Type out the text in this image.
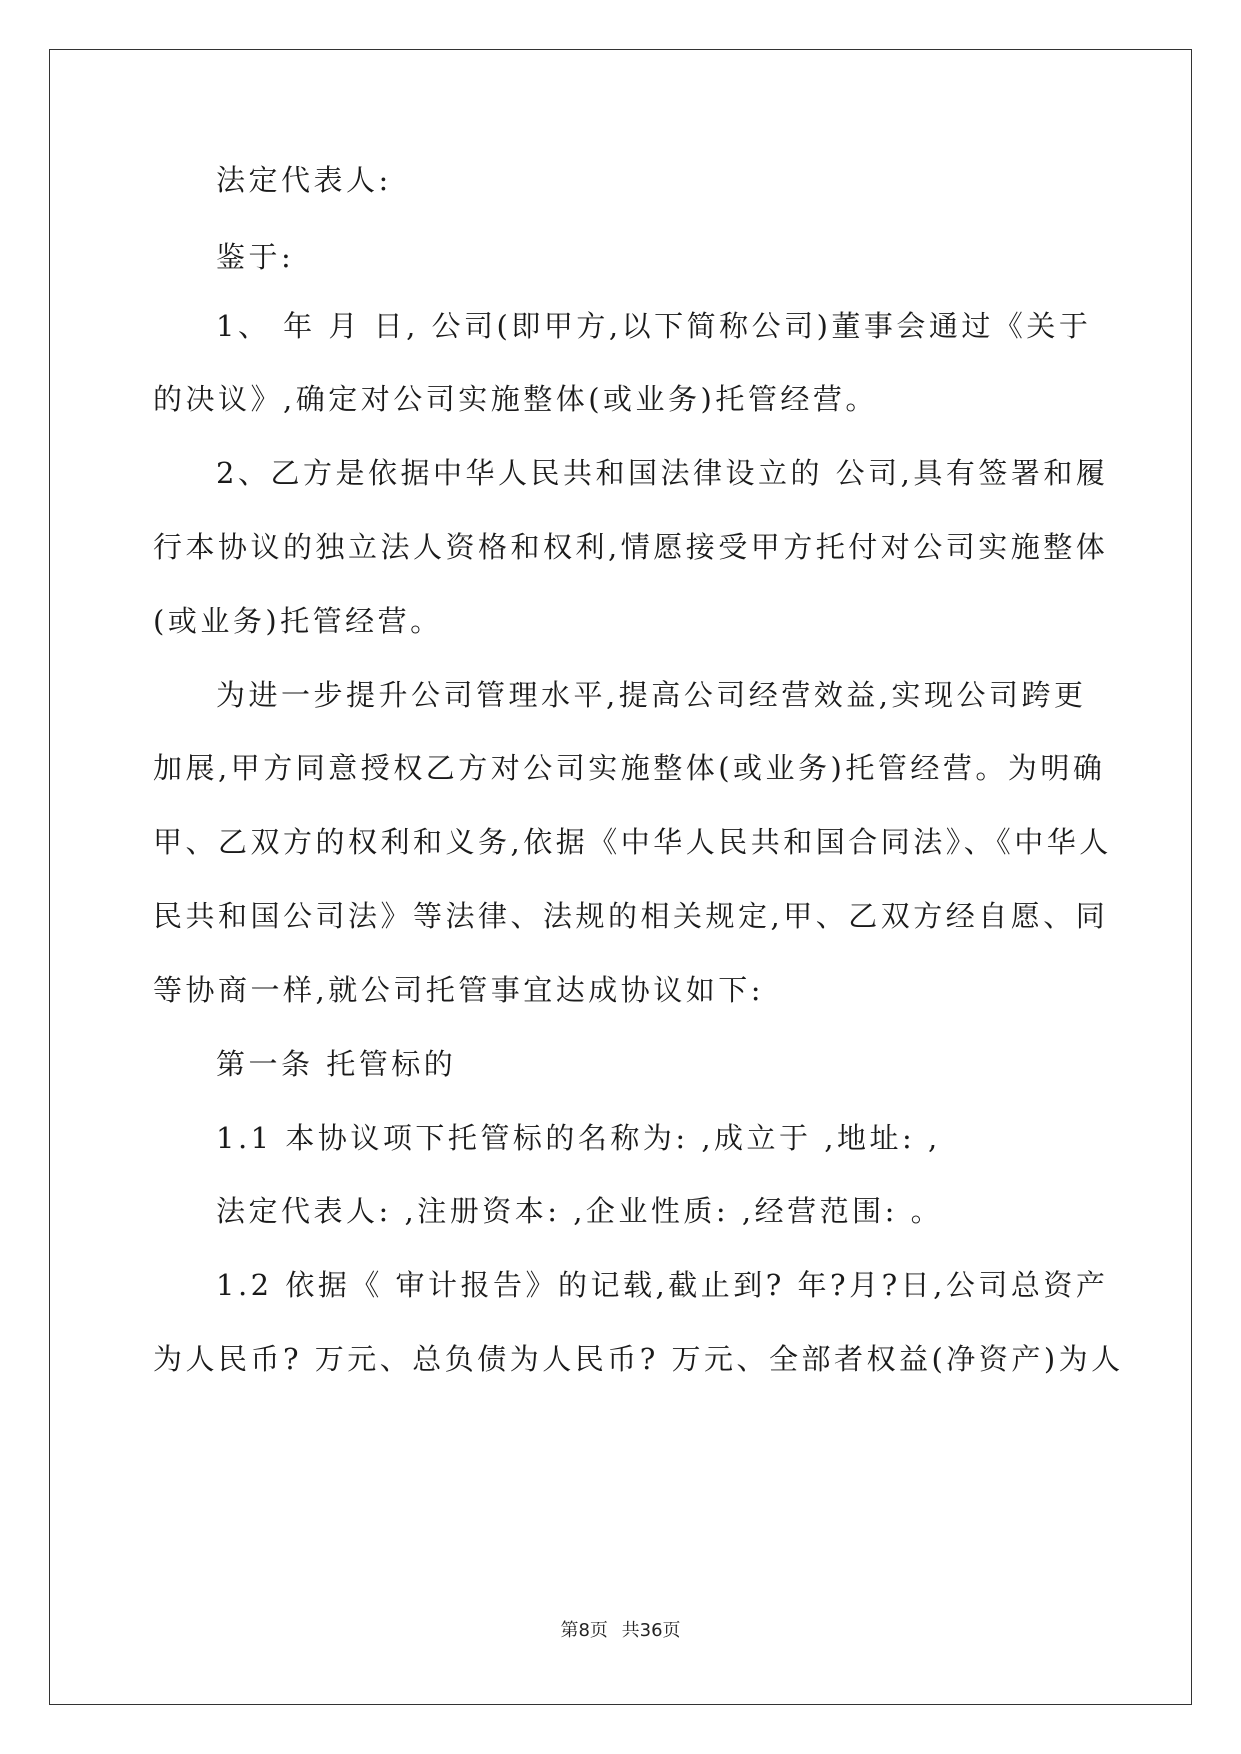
法定代表人:
鉴于:
1、 年 月 日, 公司(即甲方,以下简称公司)董事会通过《关于
的决议》,确定对公司实施整体(或业务)托管经营。
2、乙方是依据中华人民共和国法律设立的 公司,具有签署和履
行本协议的独立法人资格和权利,情愿接受甲方托付对公司实施整体
(或业务)托管经营。
为进一步提升公司管理水平,提高公司经营效益,实现公司跨更
加展,甲方同意授权乙方对公司实施整体(或业务)托管经营。为明确
甲、乙双方的权利和义务,依据《中华人民共和国合同法》、《中华人
民共和国公司法》等法律、法规的相关规定,甲、乙双方经自愿、同
等协商一样,就公司托管事宜达成协议如下:
第一条 托管标的
1.1 本协议项下托管标的名称为: ,成立于 ,地址: ,
法定代表人: ,注册资本: ,企业性质: ,经营范围: 。
1.2 依据《 审计报告》的记载,截止到? 年?月?日,公司总资产
为人民币? 万元、总负债为人民币? 万元、全部者权益(净资产)为人
第8页 共36页
